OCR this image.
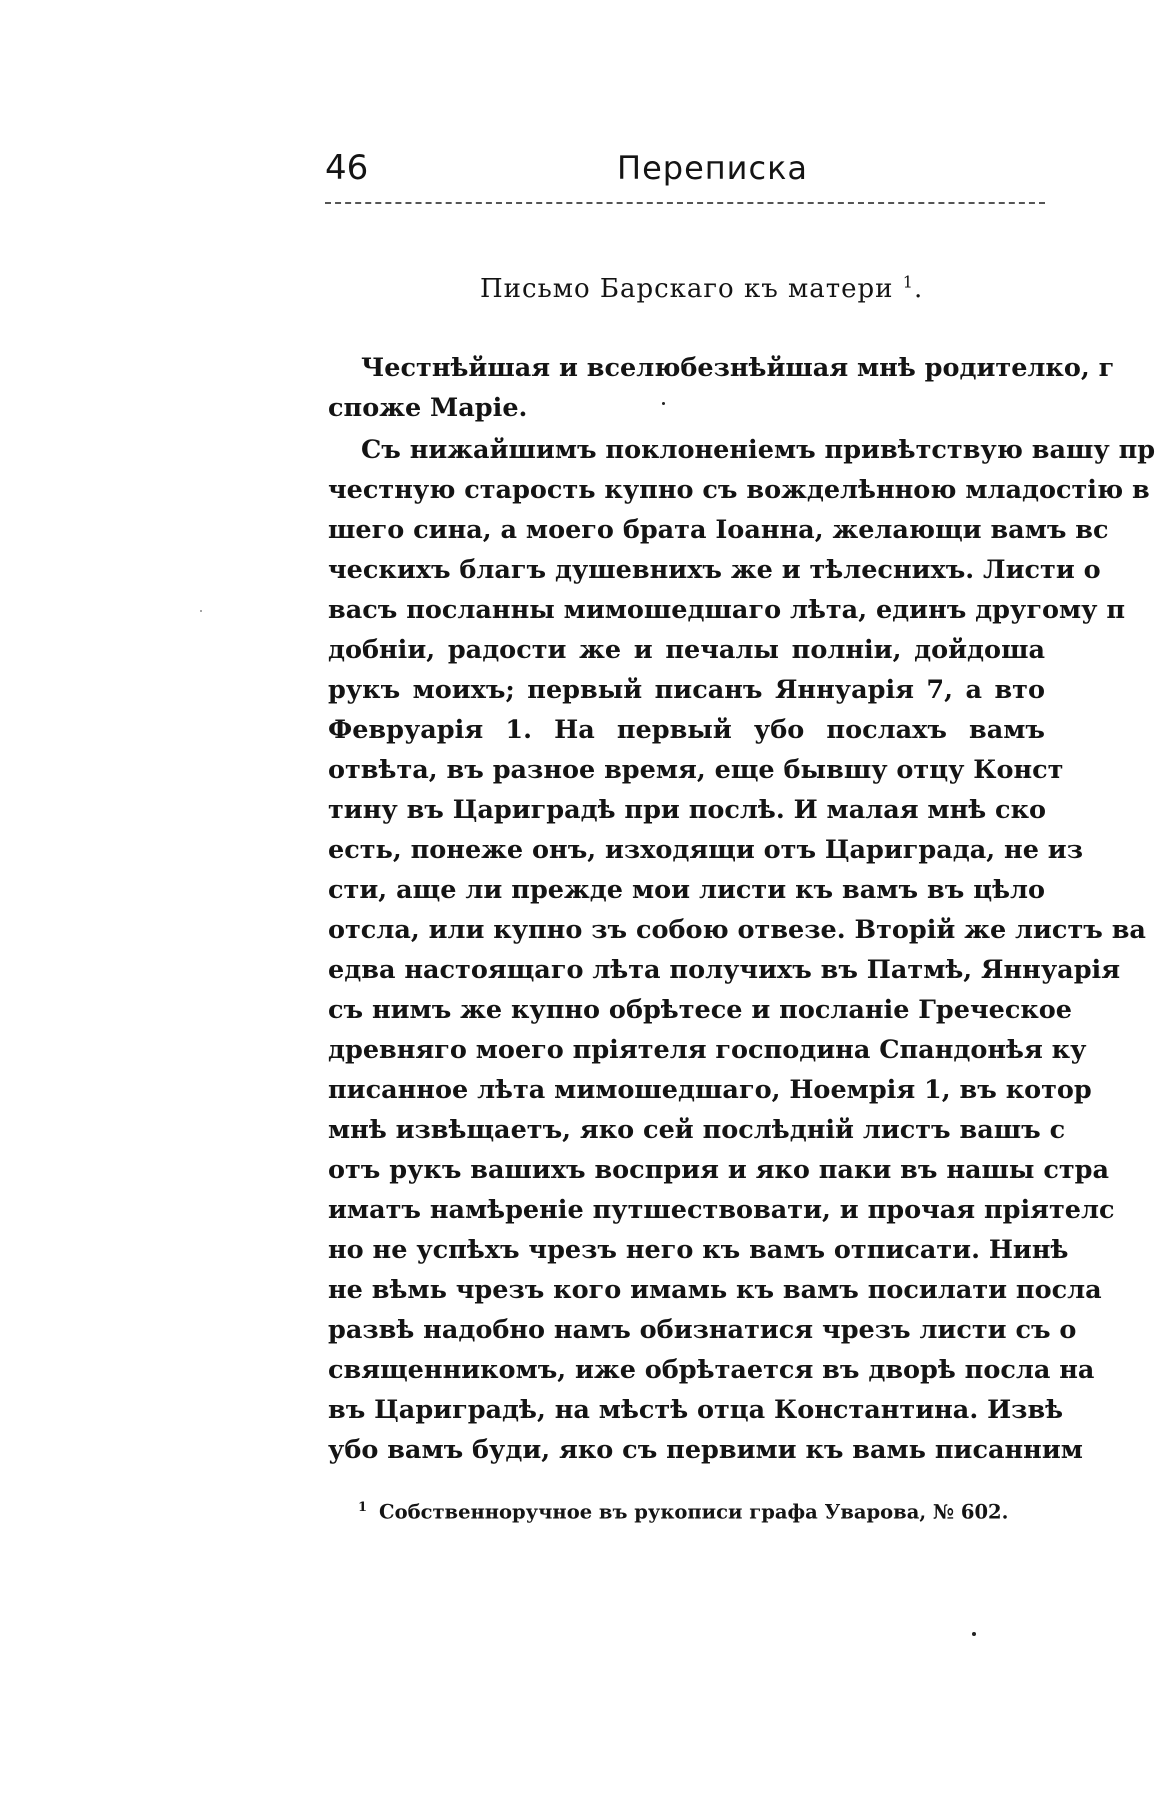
46	Переписка
Письмо Барскаго къ матери $^1$.
Честнѣйшая и вселюбезнѣйшая мнѣ родителко, г
споже Маріе.
Съ нижайшимъ поклоненіемъ привѣтствую вашу пр
честную старость купно съ вожделѣнною младостію в
шего сина, а моего брата Іоанна, желающи вамъ вс
ческихъ благъ душевнихъ же и тѣлеснихъ. Листи о
васъ посланны мимошедшаго лѣта, единъ другому п
добніи, радости же и печалы полніи, дойдоша
рукъ моихъ; первый писанъ Яннуарія 7, а вто
Февруарія 1. На первый убо послахъ вамъ
отвѣта, въ разное время, еще бывшу отцу Конст
тину въ Цариградѣ при послѣ. И малая мнѣ ско
есть, понеже онъ, изходящи отъ Цариграда, не из
сти, аще ли прежде мои листи къ вамъ въ цѣло
отсла, или купно зъ собою отвезе. Вторій же листъ ва
едва настоящаго лѣта получихъ въ Патмѣ, Яннуарія
съ нимъ же купно обрѣтесе и посланіе Греческое
древняго моего пріятеля господина Спандонѣя ку
писанное лѣта мимошедшаго, Ноемрія 1, въ котор
мнѣ извѣщаетъ, яко сей послѣдній листъ вашъ с
отъ рукъ вашихъ восприя и яко паки въ нашы стра
иматъ намѣреніе путшествовати, и прочая пріятелс
но не успѣхъ чрезъ него къ вамъ отписати. Нинѣ
не вѣмь чрезъ кого имамь къ вамъ посилати посла
развѣ надобно намъ обизнатися чрезъ листи съ о
священникомъ, иже обрѣтается въ дворѣ посла на
въ Цариградѣ, на мѣстѣ отца Константина. Извѣ
убо вамъ буди, яко съ первими къ вамь писанним
$^1$ Собственноручное въ рукописи графа Уварова, № 602.
